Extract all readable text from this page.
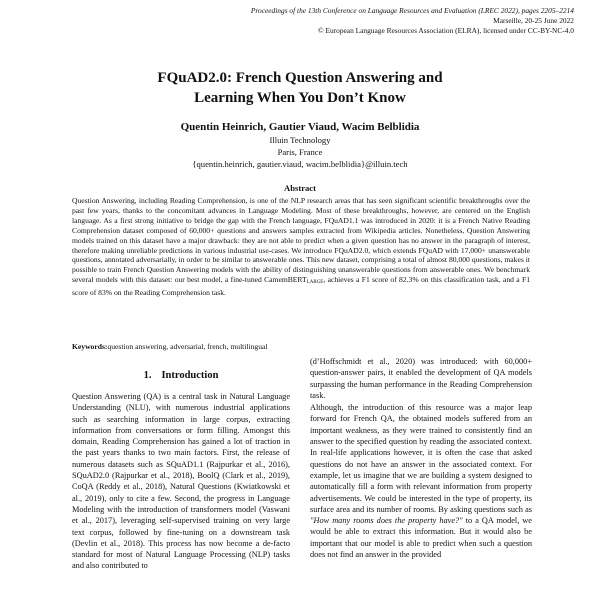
Proceedings of the 13th Conference on Language Resources and Evaluation (LREC 2022), pages 2205–2214
Marseille, 20-25 June 2022
© European Language Resources Association (ELRA), licensed under CC-BY-NC-4.0
FQuAD2.0: French Question Answering and
Learning When You Don’t Know
Quentin Heinrich, Gautier Viaud, Wacim Belblidia
Illuin Technology
Paris, France
{quentin.heinrich, gautier.viaud, wacim.belblidia}@illuin.tech
Abstract
Question Answering, including Reading Comprehension, is one of the NLP research areas that has seen significant scientific breakthroughs over the past few years, thanks to the concomitant advances in Language Modeling. Most of these breakthroughs, however, are centered on the English language. As a first strong initiative to bridge the gap with the French language, FQuAD1.1 was introduced in 2020: it is a French Native Reading Comprehension dataset composed of 60,000+ questions and answers samples extracted from Wikipedia articles. Nonetheless, Question Answering models trained on this dataset have a major drawback: they are not able to predict when a given question has no answer in the paragraph of interest, therefore making unreliable predictions in various industrial use-cases. We introduce FQuAD2.0, which extends FQuAD with 17,000+ unanswerable questions, annotated adversarially, in order to be similar to answerable ones. This new dataset, comprising a total of almost 80,000 questions, makes it possible to train French Question Answering models with the ability of distinguishing unanswerable questions from answerable ones. We benchmark several models with this dataset: our best model, a fine-tuned CamemBERT$_{LARGE}$, achieves a F1 score of 82.3% on this classification task, and a F1 score of 83% on the Reading Comprehension task.
Keywords:question answering, adversarial, french, multilingual
1. Introduction

Question Answering (QA) is a central task in Natural Language Understanding (NLU), with numerous industrial applications such as searching information in large corpus, extracting information from conversations or form filling. Amongst this domain, Reading Comprehension has gained a lot of traction in the past years thanks to two main factors. First, the release of numerous datasets such as SQuAD1.1 (Rajpurkar et al., 2016), SQuAD2.0 (Rajpurkar et al., 2018), BoolQ (Clark et al., 2019), CoQA (Reddy et al., 2018), Natural Questions (Kwiatkowski et al., 2019), only to cite a few. Second, the progress in Language Modeling with the introduction of transformers model (Vaswani et al., 2017), leveraging self-supervised training on very large text corpus, followed by fine-tuning on a downstream task (Devlin et al., 2018). This process has now become a de-facto standard for most of Natural Language Processing (NLP) tasks and also contributed to

(d’Hoffschmidt et al., 2020) was introduced: with 60,000+ question-answer pairs, it enabled the development of QA models surpassing the human performance in the Reading Comprehension task.

Although, the introduction of this resource was a major leap forward for French QA, the obtained models suffered from an important weakness, as they were trained to consistently find an answer to the specified question by reading the associated context. In real-life applications however, it is often the case that asked questions do not have an answer in the associated context. For example, let us imagine that we are building a system designed to automatically fill a form with relevant information from property advertisements. We could be interested in the type of property, its surface area and its number of rooms. By asking questions such as "How many rooms does the property have?" to a QA model, we would be able to extract this information. But it would also be important that our model is able to predict when such a question does not find an answer in the provided
